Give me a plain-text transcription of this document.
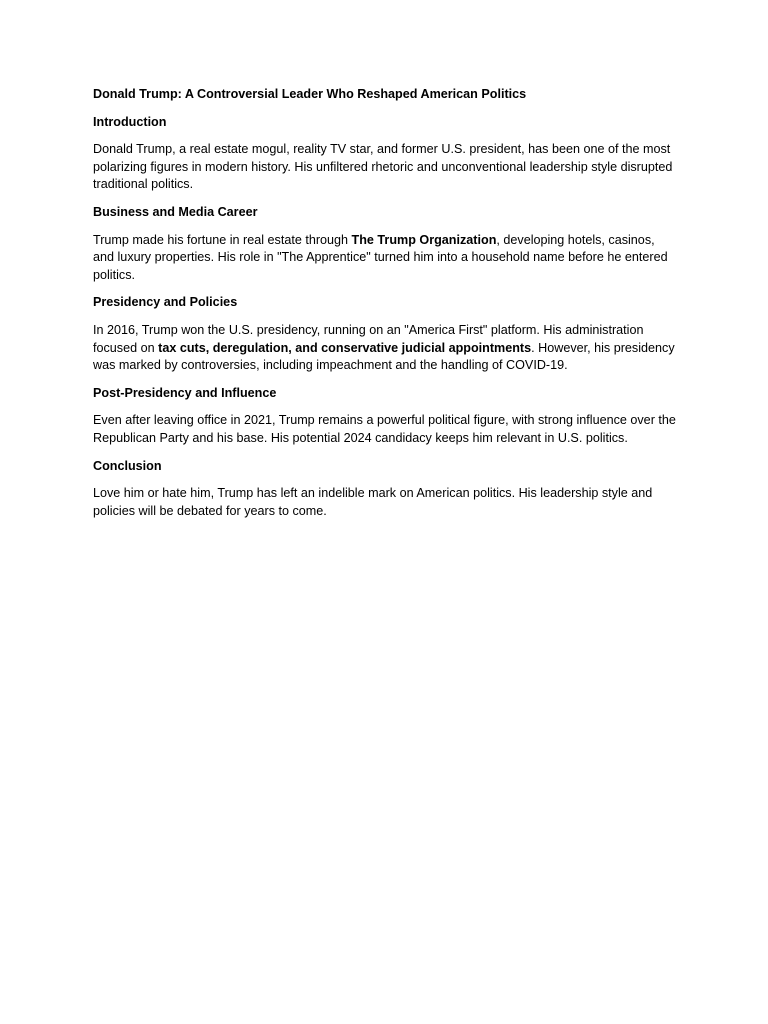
Donald Trump: A Controversial Leader Who Reshaped American Politics

Introduction

Donald Trump, a real estate mogul, reality TV star, and former U.S. president, has been one of the most polarizing figures in modern history. His unfiltered rhetoric and unconventional leadership style disrupted traditional politics.

Business and Media Career

Trump made his fortune in real estate through The Trump Organization, developing hotels, casinos, and luxury properties. His role in "The Apprentice" turned him into a household name before he entered politics.

Presidency and Policies

In 2016, Trump won the U.S. presidency, running on an "America First" platform. His administration focused on tax cuts, deregulation, and conservative judicial appointments. However, his presidency was marked by controversies, including impeachment and the handling of COVID-19.

Post-Presidency and Influence

Even after leaving office in 2021, Trump remains a powerful political figure, with strong influence over the Republican Party and his base. His potential 2024 candidacy keeps him relevant in U.S. politics.

Conclusion

Love him or hate him, Trump has left an indelible mark on American politics. His leadership style and policies will be debated for years to come.
